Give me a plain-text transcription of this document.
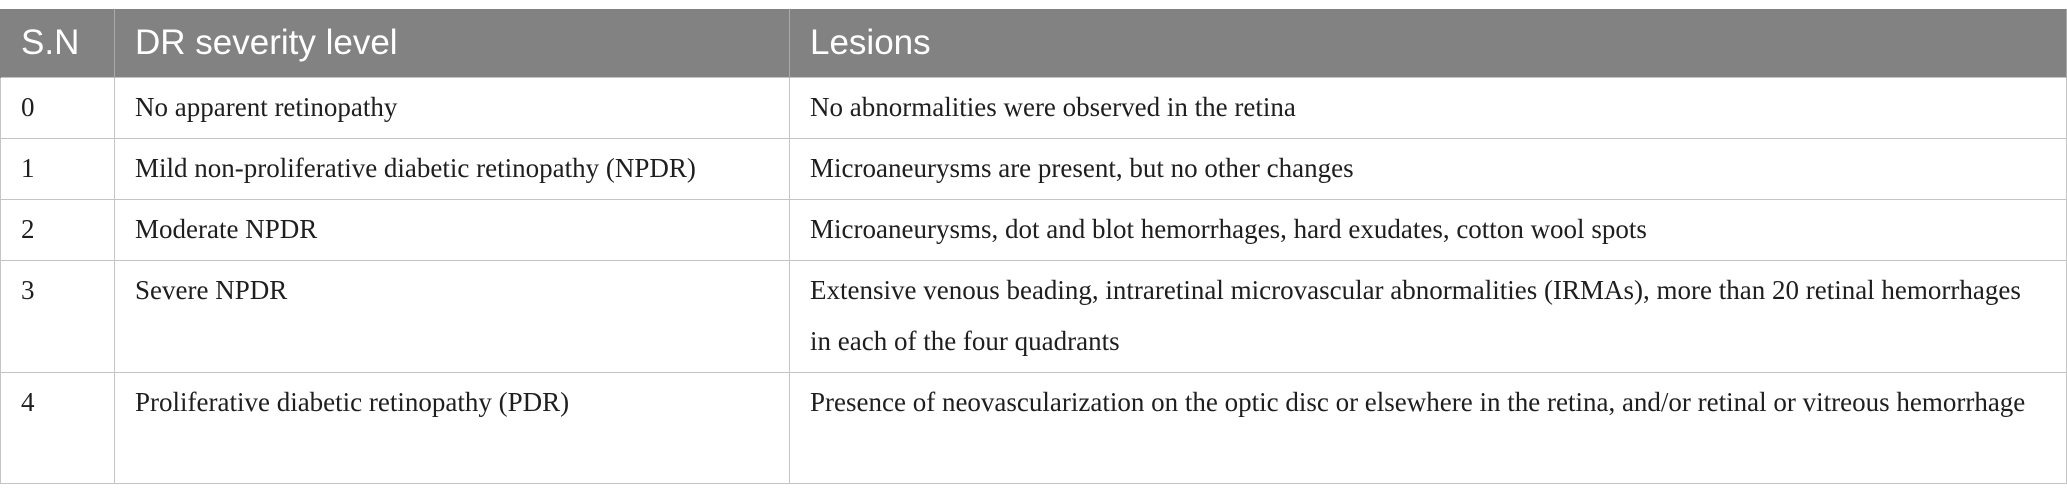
S.N	DR severity level	Lesions

0	No apparent retinopathy	No abnormalities were observed in the retina

1	Mild non-proliferative diabetic retinopathy (NPDR)	Microaneurysms are present, but no other changes

2	Moderate NPDR	Microaneurysms, dot and blot hemorrhages, hard exudates, cotton wool spots

3	Severe NPDR	Extensive venous beading, intraretinal microvascular abnormalities (IRMAs), more than 20 retinal hemorrhages in each of the four quadrants

4	Proliferative diabetic retinopathy (PDR)	Presence of neovascularization on the optic disc or elsewhere in the retina, and/or retinal or vitreous hemorrhage
